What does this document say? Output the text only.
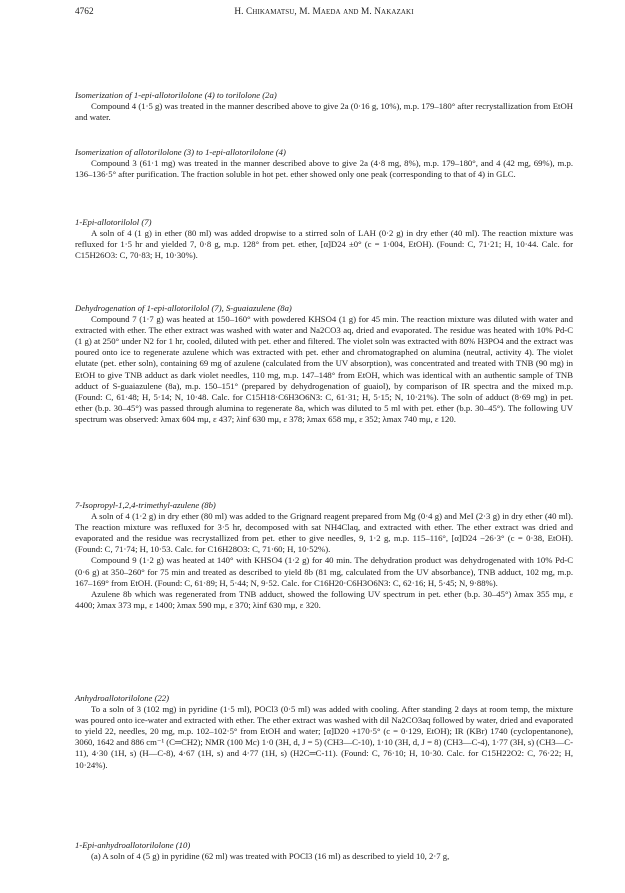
4762	H. Chikamatsu, M. Maeda and M. Nakazaki

Isomerization of 1-epi-allotorilolone (4) to torilolone (2a)

Compound 4 (1·5 g) was treated in the manner described above to give 2a (0·16 g, 10%), m.p. 179–180° after recrystallization from EtOH and water.

Isomerization of allotorilolone (3) to 1-epi-allotorilolone (4)

Compound 3 (61·1 mg) was treated in the manner described above to give 2a (4·8 mg, 8%), m.p. 179–180°, and 4 (42 mg, 69%), m.p. 136–136·5° after purification. The fraction soluble in hot pet. ether showed only one peak (corresponding to that of 4) in GLC.

1-Epi-allotorilolol (7)

A soln of 4 (1 g) in ether (80 ml) was added dropwise to a stirred soln of LAH (0·2 g) in dry ether (40 ml). The reaction mixture was refluxed for 1·5 hr and yielded 7, 0·8 g, m.p. 128° from pet. ether, [α]D24 ±0° (c = 1·004, EtOH). (Found: C, 71·21; H, 10·44. Calc. for C15H26O3: C, 70·83; H, 10·30%).

Dehydrogenation of 1-epi-allotorilolol (7), S-guaiazulene (8a)

Compound 7 (1·7 g) was heated at 150–160° with powdered KHSO4 (1 g) for 45 min. The reaction mixture was diluted with water and extracted with ether. The ether extract was washed with water and Na2CO3 aq, dried and evaporated. The residue was heated with 10% Pd-C (1 g) at 250° under N2 for 1 hr, cooled, diluted with pet. ether and filtered. The violet soln was extracted with 80% H3PO4 and the extract was poured onto ice to regenerate azulene which was extracted with pet. ether and chromatographed on alumina (neutral, activity 4). The violet elutate (pet. ether soln), containing 69 mg of azulene (calculated from the UV absorption), was concentrated and treated with TNB (90 mg) in EtOH to give TNB adduct as dark violet needles, 110 mg, m.p. 147–148° from EtOH, which was identical with an authentic sample of TNB adduct of S-guaiazulene (8a), m.p. 150–151° (prepared by dehydrogenation of guaiol), by comparison of IR spectra and the mixed m.p. (Found: C, 61·48; H, 5·14; N, 10·48. Calc. for C15H18·C6H3O6N3: C, 61·31; H, 5·15; N, 10·21%). The soln of adduct (8·69 mg) in pet. ether (b.p. 30–45°) was passed through alumina to regenerate 8a, which was diluted to 5 ml with pet. ether (b.p. 30–45°). The following UV spectrum was observed: λmax 604 mμ, ε 437; λinf 630 mμ, ε 378; λmax 658 mμ, ε 352; λmax 740 mμ, ε 120.

7-Isopropyl-1,2,4-trimethyl-azulene (8b)

A soln of 4 (1·2 g) in dry ether (80 ml) was added to the Grignard reagent prepared from Mg (0·4 g) and MeI (2·3 g) in dry ether (40 ml). The reaction mixture was refluxed for 3·5 hr, decomposed with sat NH4Claq, and extracted with ether. The ether extract was dried and evaporated and the residue was recrystallized from pet. ether to give needles, 9, 1·2 g, m.p. 115–116°, [α]D24 −26·3° (c = 0·38, EtOH). (Found: C, 71·74; H, 10·53. Calc. for C16H28O3: C, 71·60; H, 10·52%).

Compound 9 (1·2 g) was heated at 140° with KHSO4 (1·2 g) for 40 min. The dehydration product was dehydrogenated with 10% Pd-C (0·6 g) at 350–260° for 75 min and treated as described to yield 8b (81 mg, calculated from the UV absorbance), TNB adduct, 102 mg, m.p. 167–169° from EtOH. (Found: C, 61·89; H, 5·44; N, 9·52. Calc. for C16H20·C6H3O6N3: C, 62·16; H, 5·45; N, 9·88%).

Azulene 8b which was regenerated from TNB adduct, showed the following UV spectrum in pet. ether (b.p. 30–45°) λmax 355 mμ, ε 4400; λmax 373 mμ, ε 1400; λmax 590 mμ, ε 370; λinf 630 mμ, ε 320.

Anhydroallotorilolone (22)

To a soln of 3 (102 mg) in pyridine (1·5 ml), POCl3 (0·5 ml) was added with cooling. After standing 2 days at room temp, the mixture was poured onto ice-water and extracted with ether. The ether extract was washed with dil Na2CO3aq followed by water, dried and evaporated to yield 22, needles, 20 mg, m.p. 102–102·5° from EtOH and water; [α]D20 +170·5° (c = 0·129, EtOH); IR (KBr) 1740 (cyclopentanone), 3060, 1642 and 886 cm⁻¹ (C═CH2); NMR (100 Mc) 1·0 (3H, d, J = 5) (CH3—C-10), 1·10 (3H, d, J = 8) (CH3—C-4), 1·77 (3H, s) (CH3—C-11), 4·30 (1H, s) (H—C-8), 4·67 (1H, s) and 4·77 (1H, s) (H2C═C-11). (Found: C, 76·10; H, 10·30. Calc. for C15H22O2: C, 76·22; H, 10·24%).

1-Epi-anhydroallotorilolone (10)

(a) A soln of 4 (5 g) in pyridine (62 ml) was treated with POCl3 (16 ml) as described to yield 10, 2·7 g,
